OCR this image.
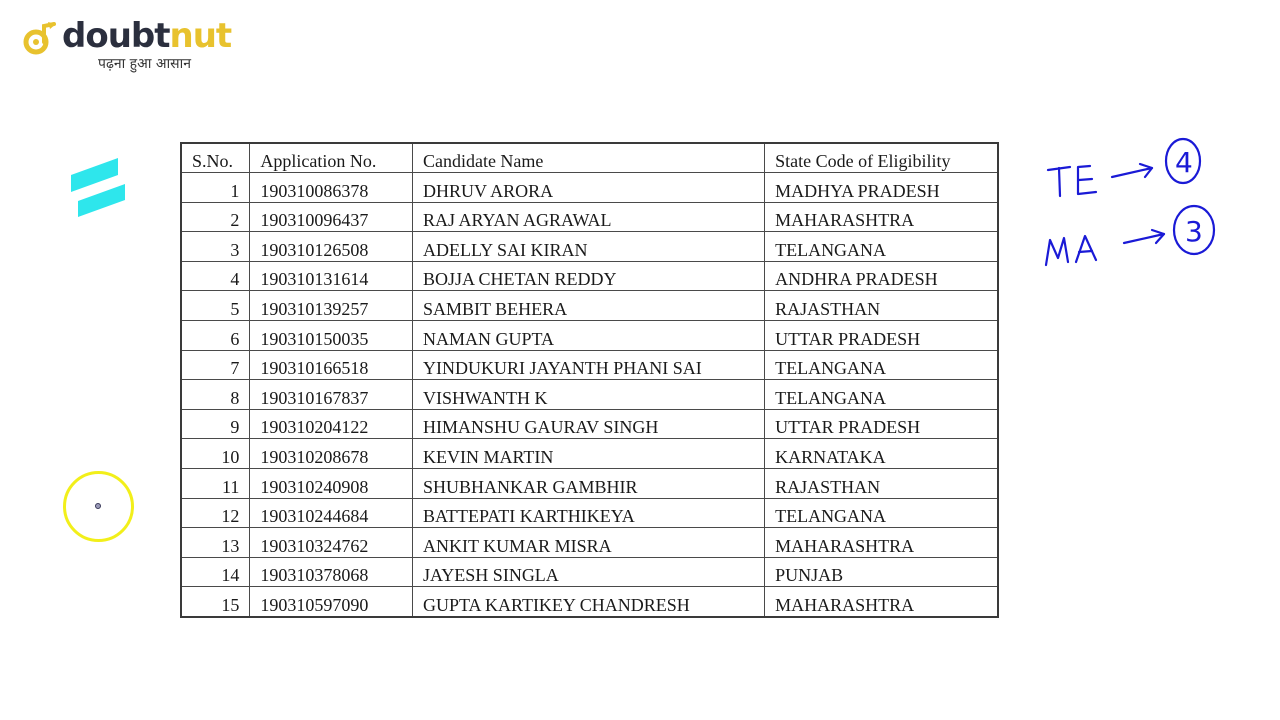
doubtnut
पढ़ना हुआ आसान
S.No.	Application No.	Candidate Name	State Code of Eligibility
1	190310086378	DHRUV ARORA	MADHYA PRADESH
2	190310096437	RAJ ARYAN AGRAWAL	MAHARASHTRA
3	190310126508	ADELLY SAI KIRAN	TELANGANA
4	190310131614	BOJJA CHETAN REDDY	ANDHRA PRADESH
5	190310139257	SAMBIT BEHERA	RAJASTHAN
6	190310150035	NAMAN GUPTA	UTTAR PRADESH
7	190310166518	YINDUKURI JAYANTH PHANI SAI	TELANGANA
8	190310167837	VISHWANTH K	TELANGANA
9	190310204122	HIMANSHU GAURAV SINGH	UTTAR PRADESH
10	190310208678	KEVIN MARTIN	KARNATAKA
11	190310240908	SHUBHANKAR GAMBHIR	RAJASTHAN
12	190310244684	BATTEPATI KARTHIKEYA	TELANGANA
13	190310324762	ANKIT KUMAR MISRA	MAHARASHTRA
14	190310378068	JAYESH SINGLA	PUNJAB
15	190310597090	GUPTA KARTIKEY CHANDRESH	MAHARASHTRA
4
3
